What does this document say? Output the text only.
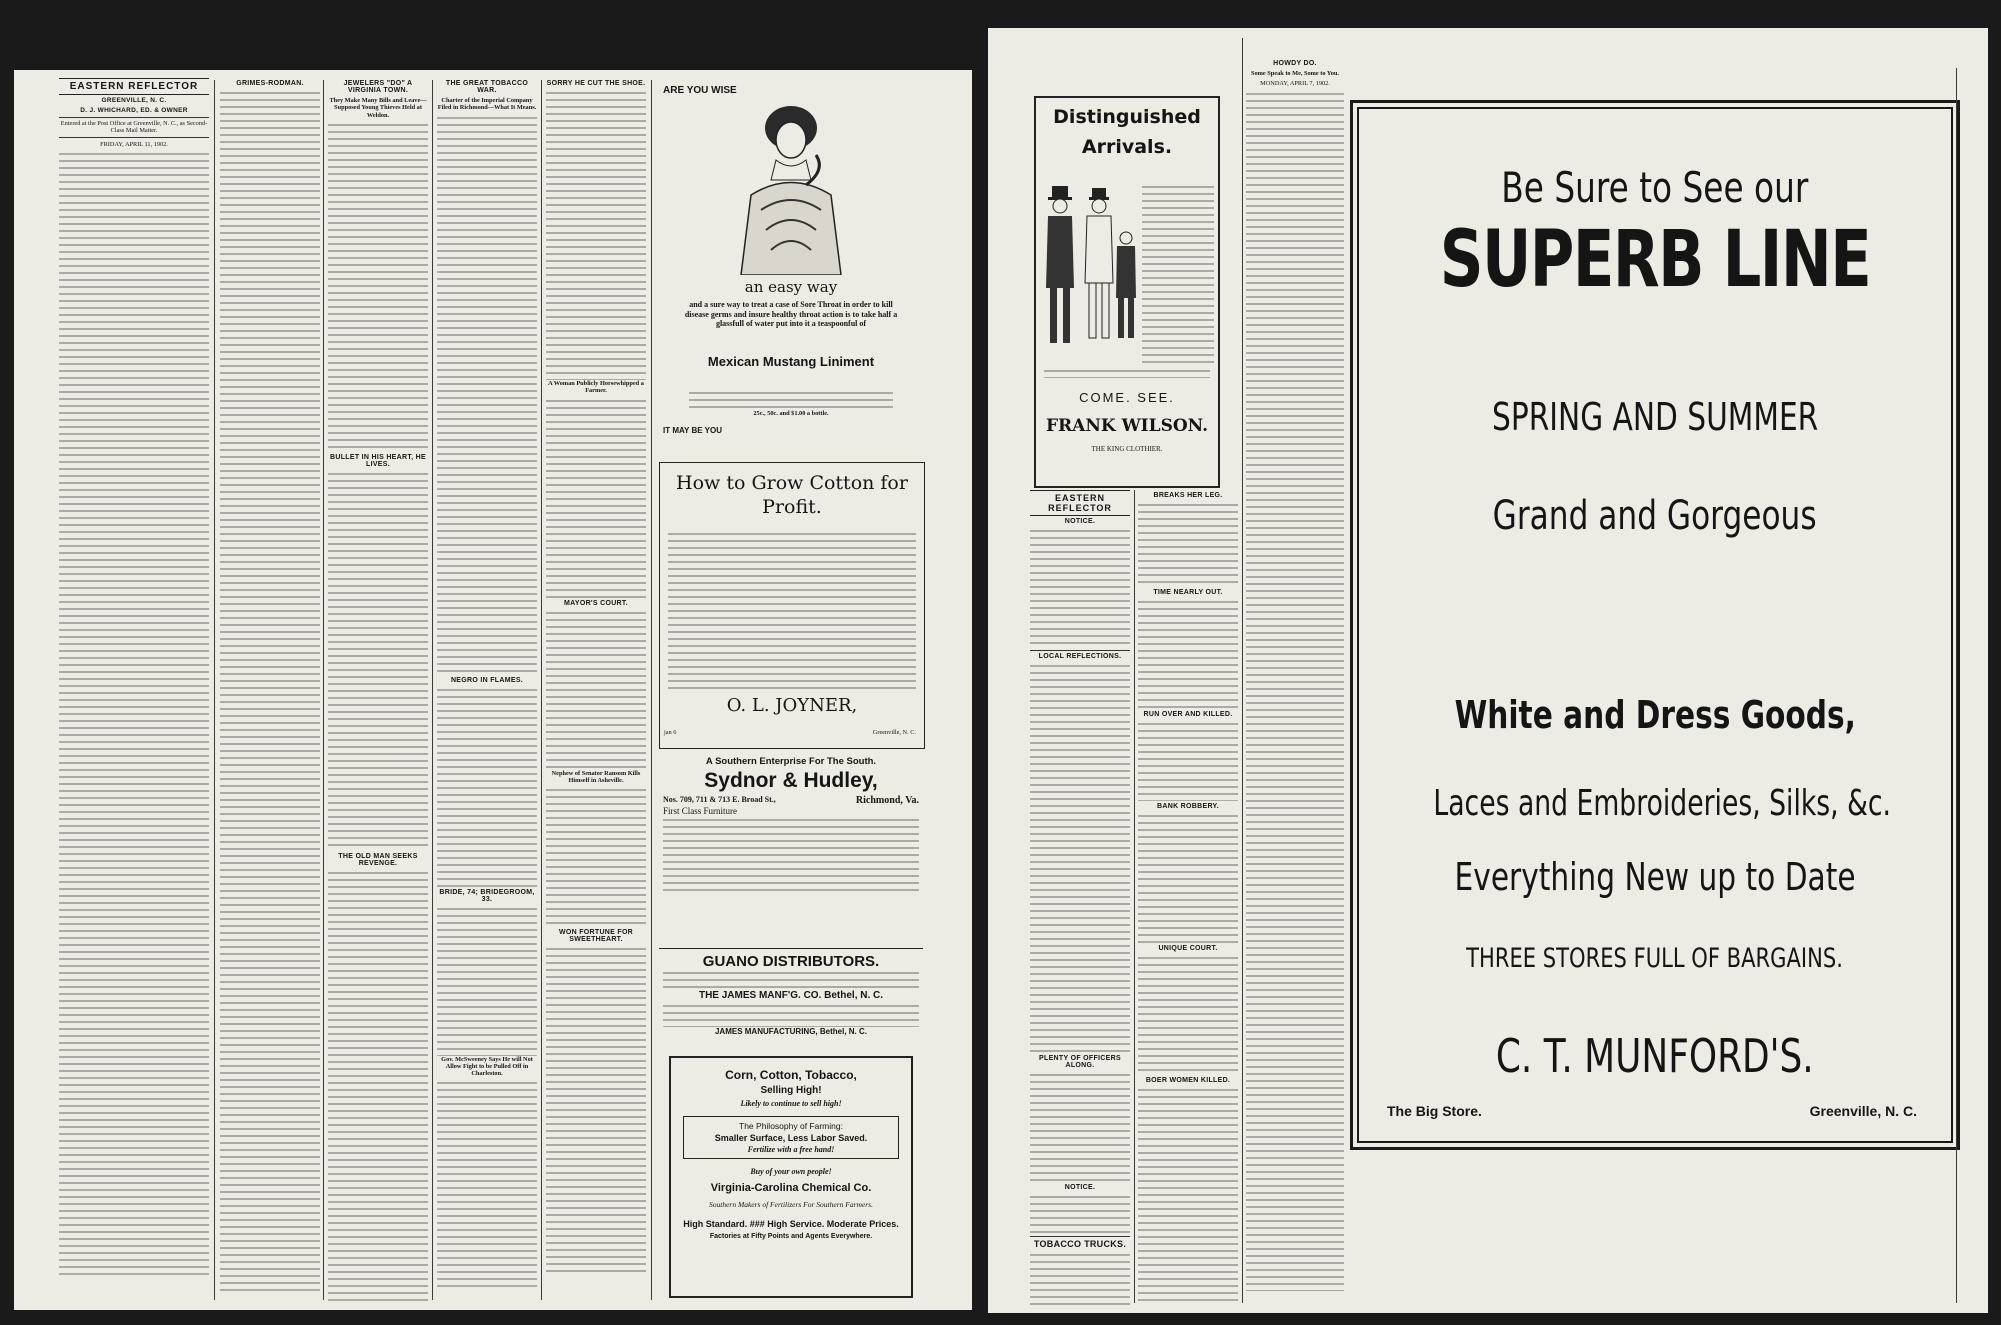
EASTERN REFLECTOR
GREENVILLE, N. C.
D. J. WHICHARD, ED. & OWNER
Entered at the Post Office at Greenville, N. C., as Second-Class Mail Matter.
FRIDAY, APRIL 11, 1902.
GRIMES-RODMAN.	JEWELERS "DO" A VIRGINIA TOWN.
They Make Many Bills and Leave—Supposed Young Thieves Held at Weldon.
BULLET IN HIS HEART, HE LIVES.
THE OLD MAN SEEKS REVENGE.
THE GREAT TOBACCO WAR.
Charter of the Imperial Company Filed in Richmond—What It Means.
NEGRO IN FLAMES.
BRIDE, 74; BRIDEGROOM, 33.
Gov. McSweeney Says He will Not Allow Fight to be Pulled Off in Charleston.
SORRY HE CUT THE SHOE.
A Woman Publicly Horsewhipped a Farmer.
MAYOR'S COURT.
Nephew of Senator Ransom Kills Himself in Asheville.
WON FORTUNE FOR SWEETHEART.
ARE YOU WISE
an easy way
and a sure way to treat a case of Sore Throat in order to kill disease germs and insure healthy throat action is to take half a glassfull of water put into it a teaspoonful of
Mexican Mustang Liniment
25c., 50c. and $1.00 a bottle.
IT MAY BE YOU
How to Grow Cotton for Profit.
O. L. JOYNER,
jan 6	Greenville, N. C.
A Southern Enterprise For The South.
Sydnor & Hudley,
Nos. 709, 711 & 713 E. Broad St.,	Richmond, Va.
First Class Furniture
GUANO DISTRIBUTORS.
THE JAMES MANF'G. CO. Bethel, N. C.
JAMES MANUFACTURING, Bethel, N. C.
Corn, Cotton, Tobacco,
Selling High!
Likely to continue to sell high!
The Philosophy of Farming:
Smaller Surface, Less Labor Saved.
Fertilize with a free hand!
Buy of your own people!
Virginia-Carolina Chemical Co.
Southern Makers of Fertilizers For Southern Farmers.
High Standard. ### High Service. Moderate Prices.
Factories at Fifty Points and Agents Everywhere.
Distinguished
Arrivals.
COME. SEE.
FRANK WILSON.
THE KING CLOTHIER.
EASTERN REFLECTOR
NOTICE.
LOCAL REFLECTIONS.
PLENTY OF OFFICERS ALONG.
NOTICE.
TOBACCO TRUCKS.
BREAKS HER LEG.
TIME NEARLY OUT.
RUN OVER AND KILLED.
BANK ROBBERY.
UNIQUE COURT.
BOER WOMEN KILLED.
HOWDY DO.
Some Speak to Me, Some to You.
MONDAY, APRIL 7, 1902.
Be Sure to See our
SUPERB LINE
SPRING AND SUMMER
Grand and Gorgeous
White and Dress Goods,
Laces and Embroideries, Silks, &c.
Everything New up to Date
THREE STORES FULL OF BARGAINS.
C. T. MUNFORD'S.
The Big Store.	Greenville, N. C.
